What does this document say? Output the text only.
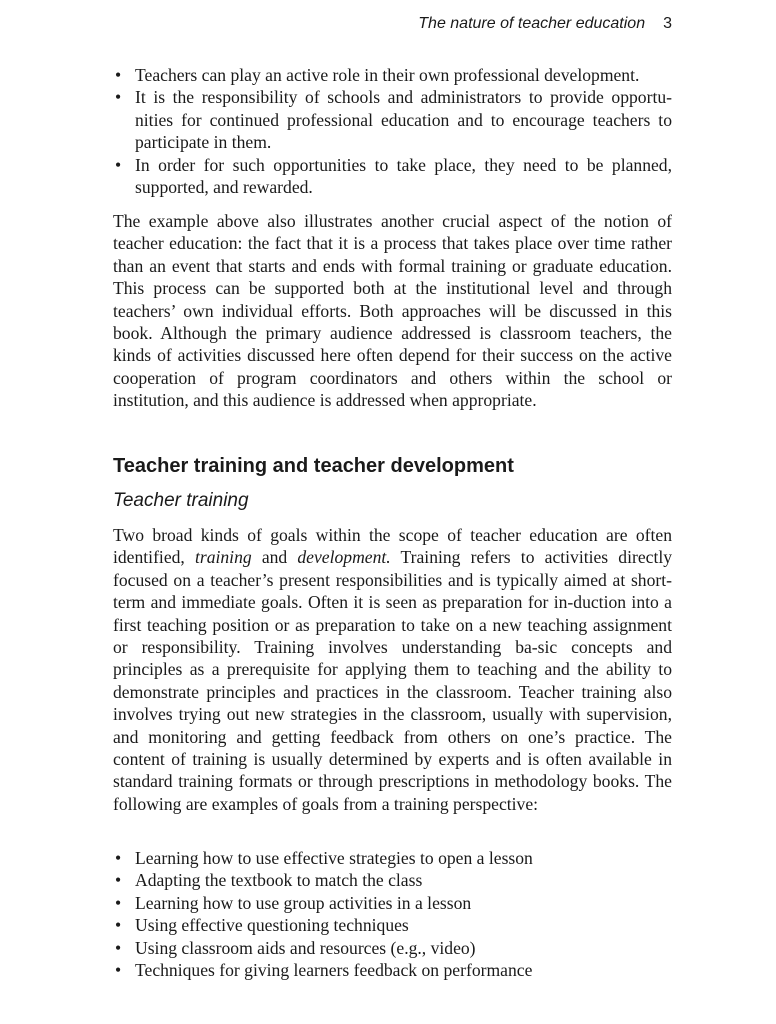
The nature of teacher education 3
• Teachers can play an active role in their own professional development.
• It is the responsibility of schools and administrators to provide opportu-nities for continued professional education and to encourage teachers to participate in them.
• In order for such opportunities to take place, they need to be planned, supported, and rewarded.

The example above also illustrates another crucial aspect of the notion of teacher education: the fact that it is a process that takes place over time rather than an event that starts and ends with formal training or graduate education. This process can be supported both at the institutional level and through teachers’ own individual efforts. Both approaches will be discussed in this book. Although the primary audience addressed is classroom teachers, the kinds of activities discussed here often depend for their success on the active cooperation of program coordinators and others within the school or institution, and this audience is addressed when appropriate.

Teacher training and teacher development
Teacher training

Two broad kinds of goals within the scope of teacher education are often identified, training and development. Training refers to activities directly focused on a teacher’s present responsibilities and is typically aimed at short-term and immediate goals. Often it is seen as preparation for in-duction into a first teaching position or as preparation to take on a new teaching assignment or responsibility. Training involves understanding ba-sic concepts and principles as a prerequisite for applying them to teaching and the ability to demonstrate principles and practices in the classroom. Teacher training also involves trying out new strategies in the classroom, usually with supervision, and monitoring and getting feedback from others on one’s practice. The content of training is usually determined by experts and is often available in standard training formats or through prescriptions in methodology books. The following are examples of goals from a training perspective:

• Learning how to use effective strategies to open a lesson
• Adapting the textbook to match the class
• Learning how to use group activities in a lesson
• Using effective questioning techniques
• Using classroom aids and resources (e.g., video)
• Techniques for giving learners feedback on performance
